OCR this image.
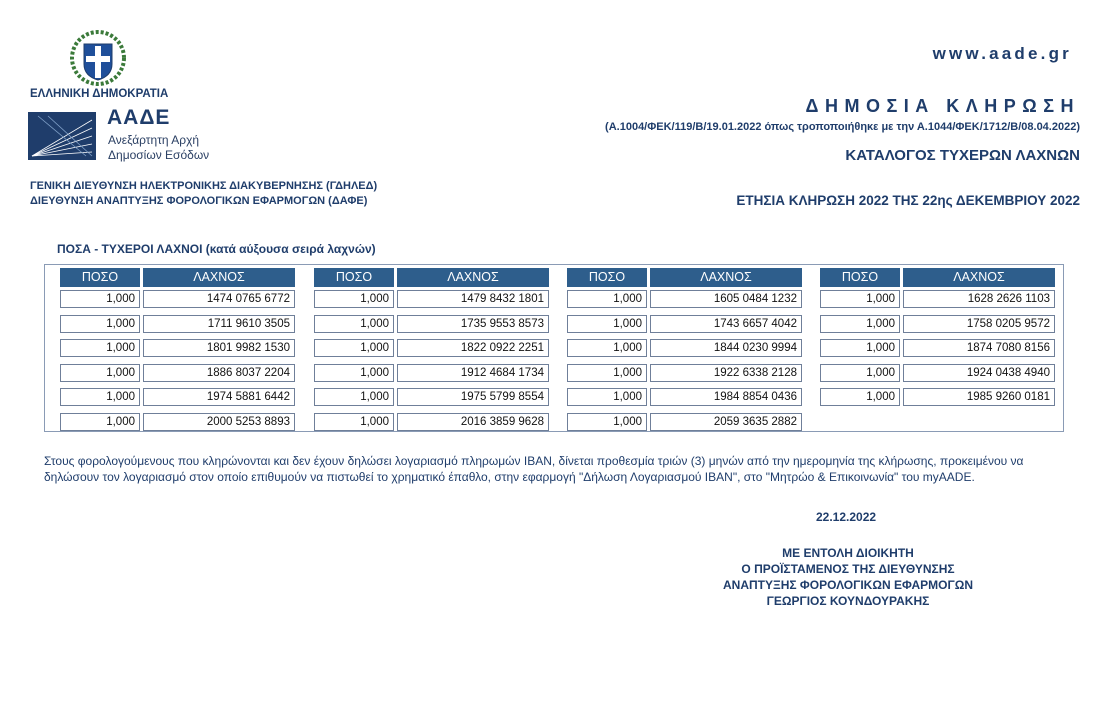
ΕΛΛΗΝΙΚΗ ΔΗΜΟΚΡΑΤΙΑ
ΑΑΔΕ
Ανεξάρτητη Αρχή
Δημοσίων Εσόδων
ΓΕΝΙΚΗ ΔΙΕΥΘΥΝΣΗ ΗΛΕΚΤΡΟΝΙΚΗΣ ΔΙΑΚΥΒΕΡΝΗΣΗΣ (ΓΔΗΛΕΔ)
ΔΙΕΥΘΥΝΣΗ ΑΝΑΠΤΥΞΗΣ ΦΟΡΟΛΟΓΙΚΩΝ ΕΦΑΡΜΟΓΩΝ (ΔΑΦΕ)
www.aade.gr
ΔΗΜΟΣΙΑ ΚΛΗΡΩΣΗ
(Α.1004/ΦΕΚ/119/Β/19.01.2022 όπως τροποποιήθηκε με την Α.1044/ΦΕΚ/1712/Β/08.04.2022)
ΚΑΤΑΛΟΓΟΣ ΤΥΧΕΡΩΝ ΛΑΧΝΩΝ
ΕΤΗΣΙΑ ΚΛΗΡΩΣΗ 2022 ΤΗΣ 22ης ΔΕΚΕΜΒΡΙΟΥ 2022
ΠΟΣΑ - ΤΥΧΕΡΟΙ ΛΑΧΝΟΙ (κατά αύξουσα σειρά λαχνών)
ΠΟΣΟ	ΛΑΧΝΟΣ
1,000	1474 0765 6772
1,000	1711 9610 3505
1,000	1801 9982 1530
1,000	1886 8037 2204
1,000	1974 5881 6442
1,000	2000 5253 8893
ΠΟΣΟ	ΛΑΧΝΟΣ
1,000	1479 8432 1801
1,000	1735 9553 8573
1,000	1822 0922 2251
1,000	1912 4684 1734
1,000	1975 5799 8554
1,000	2016 3859 9628
ΠΟΣΟ	ΛΑΧΝΟΣ
1,000	1605 0484 1232
1,000	1743 6657 4042
1,000	1844 0230 9994
1,000	1922 6338 2128
1,000	1984 8854 0436
1,000	2059 3635 2882
ΠΟΣΟ	ΛΑΧΝΟΣ
1,000	1628 2626 1103
1,000	1758 0205 9572
1,000	1874 7080 8156
1,000	1924 0438 4940
1,000	1985 9260 0181
Στους φορολογούμενους που κληρώνονται και δεν έχουν δηλώσει λογαριασμό πληρωμών IBAN, δίνεται προθεσμία τριών (3) μηνών από την ημερομηνία της κλήρωσης, προκειμένου να δηλώσουν τον λογαριασμό στον οποίο επιθυμούν να πιστωθεί το χρηματικό έπαθλο, στην εφαρμογή "Δήλωση Λογαριασμού IBAN", στο "Μητρώο & Επικοινωνία" του myAADE.
22.12.2022
ΜΕ ΕΝΤΟΛΗ ΔΙΟΙΚΗΤΗ
Ο ΠΡΟΪΣΤΑΜΕΝΟΣ ΤΗΣ ΔΙΕΥΘΥΝΣΗΣ
ΑΝΑΠΤΥΞΗΣ ΦΟΡΟΛΟΓΙΚΩΝ ΕΦΑΡΜΟΓΩΝ
ΓΕΩΡΓΙΟΣ ΚΟΥΝΔΟΥΡΑΚΗΣ
